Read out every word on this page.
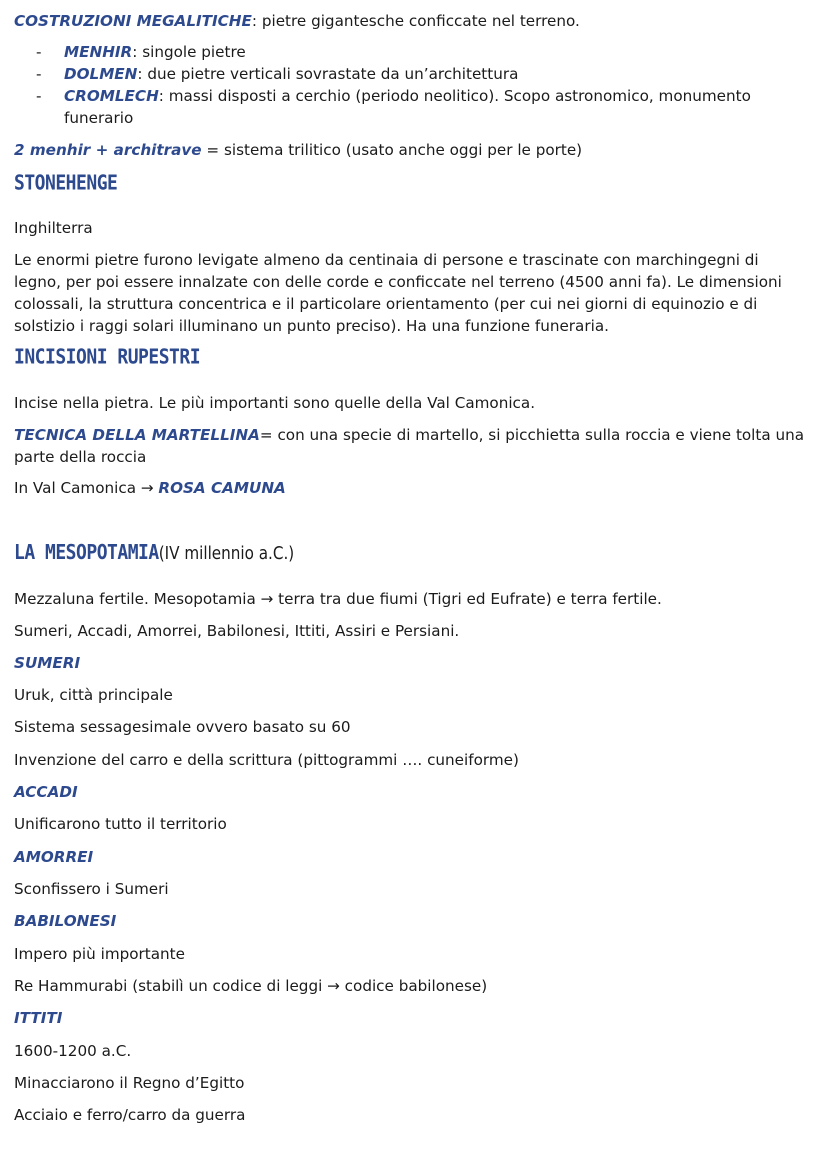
COSTRUZIONI MEGALITICHE: pietre gigantesche conficcate nel terreno.

- MENHIR: singole pietre
- DOLMEN: due pietre verticali sovrastate da un’architettura
- CROMLECH: massi disposti a cerchio (periodo neolitico). Scopo astronomico, monumento funerario

2 menhir + architrave = sistema trilitico (usato anche oggi per le porte)

STONEHENGE

Inghilterra

Le enormi pietre furono levigate almeno da centinaia di persone e trascinate con marchingegni di legno, per poi essere innalzate con delle corde e conficcate nel terreno (4500 anni fa). Le dimensioni colossali, la struttura concentrica e il particolare orientamento (per cui nei giorni di equinozio e di solstizio i raggi solari illuminano un punto preciso). Ha una funzione funeraria.

INCISIONI RUPESTRI

Incise nella pietra. Le più importanti sono quelle della Val Camonica.

TECNICA DELLA MARTELLINA= con una specie di martello, si picchietta sulla roccia e viene tolta una parte della roccia

In Val Camonica → ROSA CAMUNA

LA MESOPOTAMIA(IV millennio a.C.)

Mezzaluna fertile. Mesopotamia → terra tra due fiumi (Tigri ed Eufrate) e terra fertile.

Sumeri, Accadi, Amorrei, Babilonesi, Ittiti, Assiri e Persiani.

SUMERI

Uruk, città principale

Sistema sessagesimale ovvero basato su 60

Invenzione del carro e della scrittura (pittogrammi …. cuneiforme)

ACCADI

Unificarono tutto il territorio

AMORREI

Sconfissero i Sumeri

BABILONESI

Impero più importante

Re Hammurabi (stabilì un codice di leggi → codice babilonese)

ITTITI

1600-1200 a.C.

Minacciarono il Regno d’Egitto

Acciaio e ferro/carro da guerra
